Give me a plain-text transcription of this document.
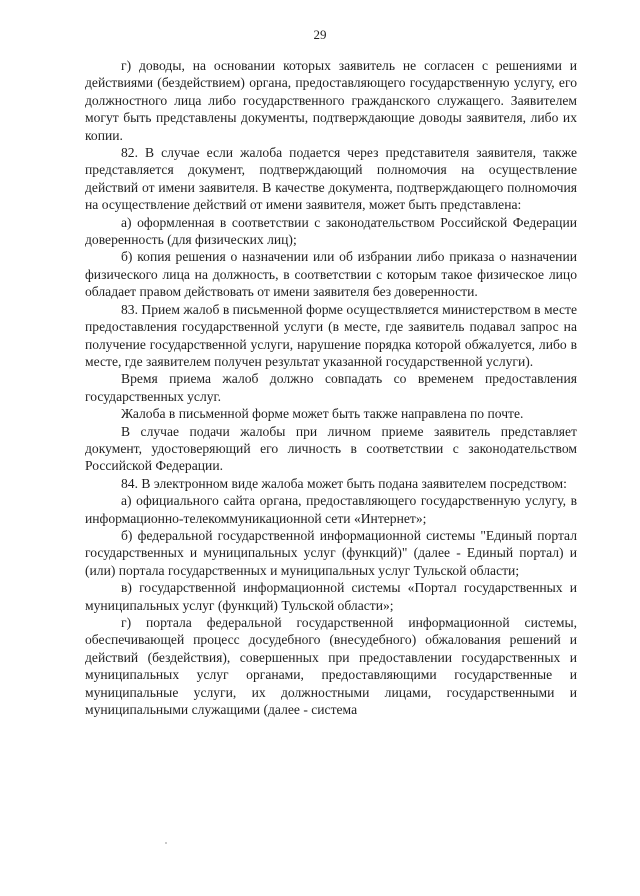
29

г) доводы, на основании которых заявитель не согласен с решениями и действиями (бездействием) органа, предоставляющего государственную услугу, его должностного лица либо государственного гражданского служащего. Заявителем могут быть представлены документы, подтверждающие доводы заявителя, либо их копии.

82. В случае если жалоба подается через представителя заявителя, также представляется документ, подтверждающий полномочия на осуществление действий от имени заявителя. В качестве документа, подтверждающего полномочия на осуществление действий от имени заявителя, может быть представлена:

а) оформленная в соответствии с законодательством Российской Федерации доверенность (для физических лиц);

б) копия решения о назначении или об избрании либо приказа о назначении физического лица на должность, в соответствии с которым такое физическое лицо обладает правом действовать от имени заявителя без доверенности.

83. Прием жалоб в письменной форме осуществляется министерством в месте предоставления государственной услуги (в месте, где заявитель подавал запрос на получение государственной услуги, нарушение порядка которой обжалуется, либо в месте, где заявителем получен результат указанной государственной услуги).

Время приема жалоб должно совпадать со временем предоставления государственных услуг.

Жалоба в письменной форме может быть также направлена по почте.

В случае подачи жалобы при личном приеме заявитель представляет документ, удостоверяющий его личность в соответствии с законодательством Российской Федерации.

84. В электронном виде жалоба может быть подана заявителем посредством:

а) официального сайта органа, предоставляющего государственную услугу, в информационно-телекоммуникационной сети «Интернет»;

б) федеральной государственной информационной системы "Единый портал государственных и муниципальных услуг (функций)" (далее - Единый портал) и (или) портала государственных и муниципальных услуг Тульской области;

в) государственной информационной системы «Портал государственных и муниципальных услуг (функций) Тульской области»;

г) портала федеральной государственной информационной системы, обеспечивающей процесс досудебного (внесудебного) обжалования решений и действий (бездействия), совершенных при предоставлении государственных и муниципальных услуг органами, предоставляющими государственные и муниципальные услуги, их должностными лицами, государственными и муниципальными служащими (далее - система
